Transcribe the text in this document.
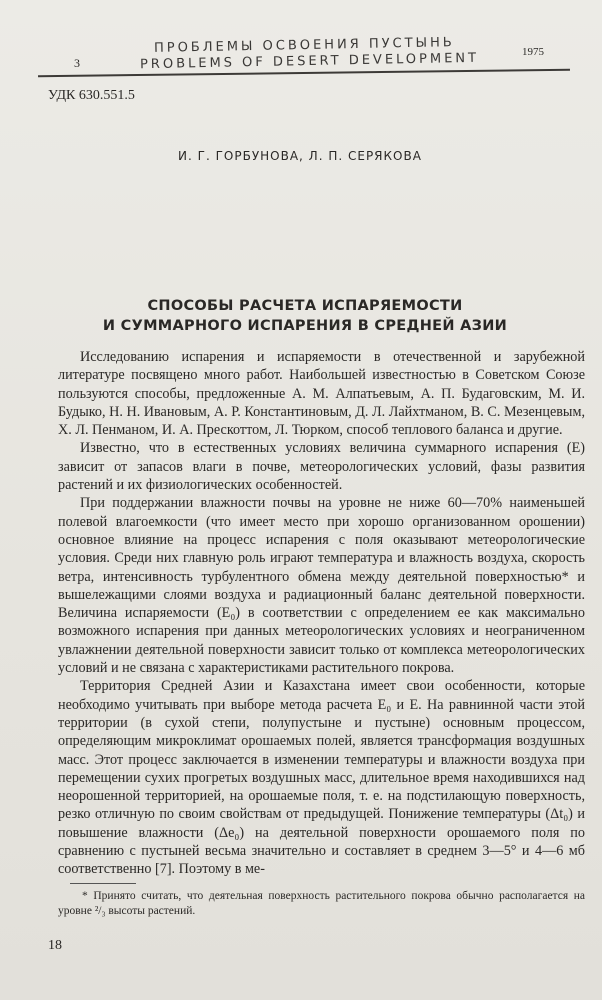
3
ПРОБЛЕМЫ ОСВОЕНИЯ ПУСТЫНЬ
PROBLEMS OF DESERT DEVELOPMENT	1975
УДК 630.551.5
И. Г. ГОРБУНОВА, Л. П. СЕРЯКОВА
СПОСОБЫ РАСЧЕТА ИСПАРЯЕМОСТИ
И СУММАРНОГО ИСПАРЕНИЯ В СРЕДНЕЙ АЗИИ

Исследованию испарения и испаряемости в отечественной и зарубежной литературе посвящено много работ. Наибольшей известностью в Советском Союзе пользуются способы, предложенные А. М. Алпатьевым, А. П. Будаговским, М. И. Будыко, Н. Н. Ивановым, А. Р. Константиновым, Д. Л. Лайхтманом, В. С. Мезенцевым, Х. Л. Пенманом, И. А. Прескоттом, Л. Тюрком, способ теплового баланса и другие.

Известно, что в естественных условиях величина суммарного испарения (E) зависит от запасов влаги в почве, метеорологических условий, фазы развития растений и их физиологических особенностей.

При поддержании влажности почвы на уровне не ниже 60—70% наименьшей полевой влагоемкости (что имеет место при хорошо организованном орошении) основное влияние на процесс испарения с поля оказывают метеорологические условия. Среди них главную роль играют температура и влажность воздуха, скорость ветра, интенсивность турбулентного обмена между деятельной поверхностью* и вышележащими слоями воздуха и радиационный баланс деятельной поверхности. Величина испаряемости (E₀) в соответствии с определением ее как максимально возможного испарения при данных метеорологических условиях и неограниченном увлажнении деятельной поверхности зависит только от комплекса метеорологических условий и не связана с характеристиками растительного покрова.

Территория Средней Азии и Казахстана имеет свои особенности, которые необходимо учитывать при выборе метода расчета E₀ и E. На равнинной части этой территории (в сухой степи, полупустыне и пустыне) основным процессом, определяющим микроклимат орошаемых полей, является трансформация воздушных масс. Этот процесс заключается в изменении температуры и влажности воздуха при перемещении сухих прогретых воздушных масс, длительное время находившихся над неорошенной территорией, на орошаемые поля, т. е. на подстилающую поверхность, резко отличную по своим свойствам от предыдущей. Понижение температуры (Δt₀) и повышение влажности (Δe₀) на деятельной поверхности орошаемого поля по сравнению с пустыней весьма значительно и составляет в среднем 3—5° и 4—6 мб соответственно [7]. Поэтому в ме-

* Принято считать, что деятельная поверхность растительного покрова обычно располагается на уровне ²/₃ высоты растений.
18
